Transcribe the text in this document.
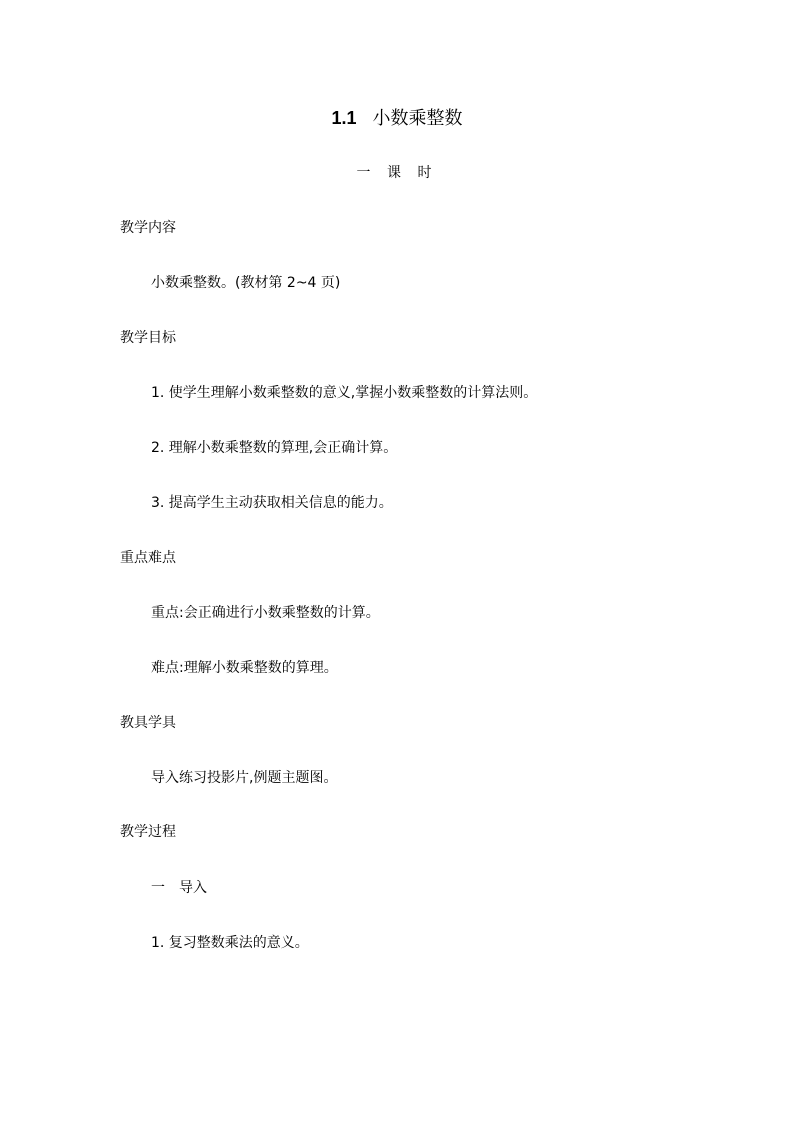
1.1 小数乘整数
一 课 时
教学内容
小数乘整数。(教材第 2~4 页)
教学目标
1. 使学生理解小数乘整数的意义,掌握小数乘整数的计算法则。
2. 理解小数乘整数的算理,会正确计算。
3. 提高学生主动获取相关信息的能力。
重点难点
重点:会正确进行小数乘整数的计算。
难点:理解小数乘整数的算理。
教具学具
导入练习投影片,例题主题图。
教学过程
一　导入
1. 复习整数乘法的意义。
